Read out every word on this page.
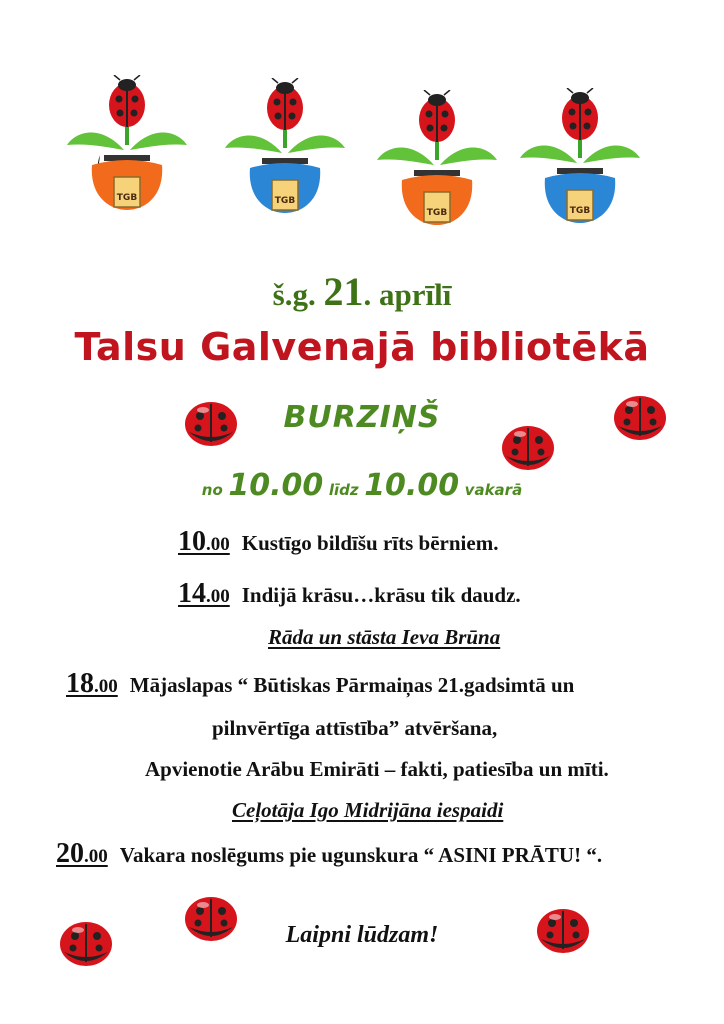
TGB	TGB
TGB	TGB
š.g. 21. aprīlī
Talsu Galvenajā bibliotēkā
BURZIŅŠ
no 10.00 līdz 10.00 vakarā
10.00 Kustīgo bildīšu rīts bērniem.
14.00 Indijā krāsu…krāsu tik daudz.
Rāda un stāsta Ieva Brūna
18.00 Mājaslapas “ Būtiskas Pārmaiņas 21.gadsimtā un
pilnvērtīga attīstība” atvēršana,
Apvienotie Arābu Emirāti – fakti, patiesība un mīti.
Ceļotāja Igo Midrijāna iespaidi
20.00 Vakara noslēgums pie ugunskura “ ASINI PRĀTU! “.
Laipni lūdzam!
